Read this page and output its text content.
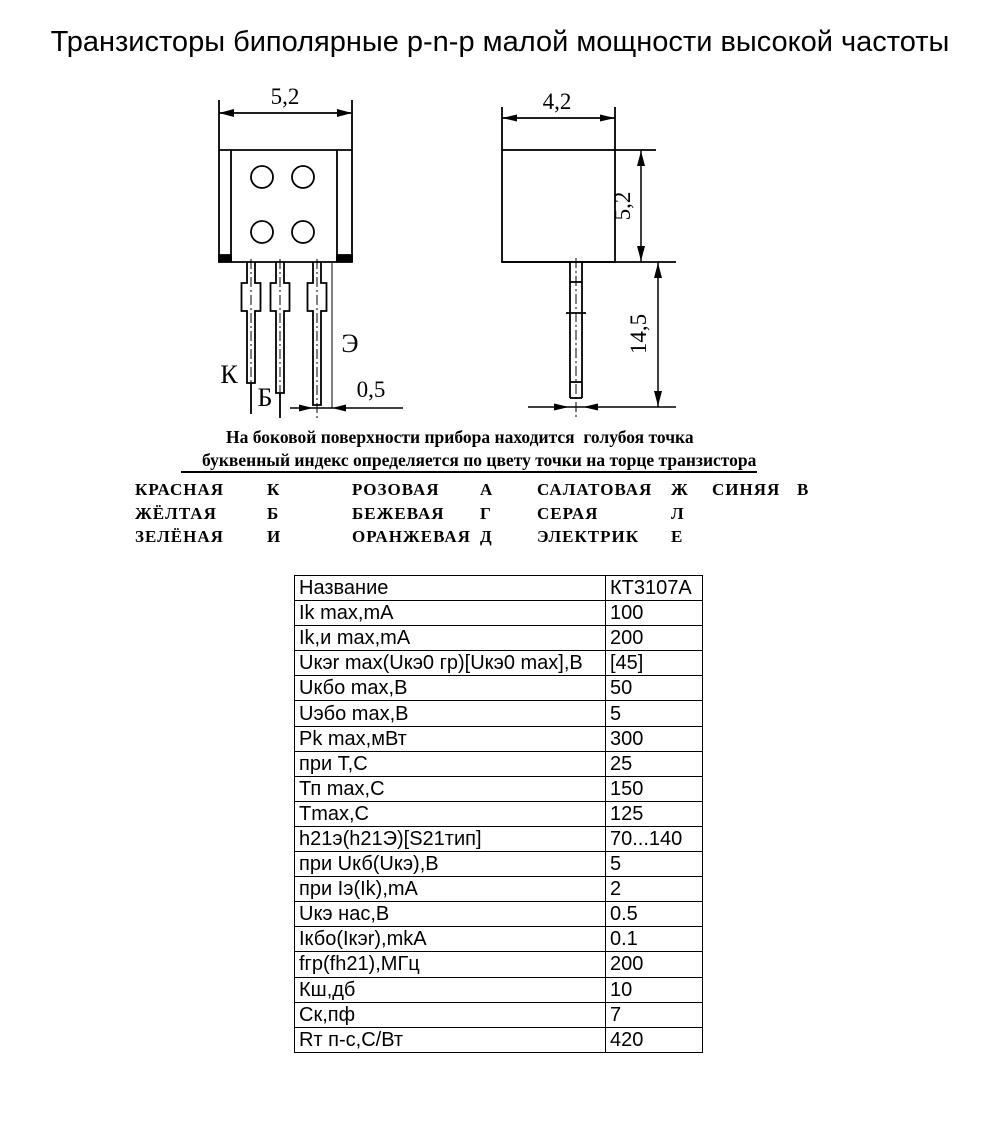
Транзисторы биполярные p-n-p малой мощности высокой частоты
5,2
К
Б
Э
0,5
4,2
5,2
14,5
На боковой поверхности прибора находится  голубоя точка
буквенный индекс определяется по цвету точки на торце транзистора
КРАСНАЯ	К	РОЗОВАЯ А	САЛАТОВАЯ Ж СИНЯЯ В
ЖЁЛТАЯ	Б	БЕЖЕВАЯ Г	СЕРАЯ	Л
ЗЕЛЁНАЯ	И	ОРАНЖЕВАЯ Д	ЭЛЕКТРИК Е
Название	КТ3107А
Ik max,mA	100
Ik,и max,mA	200
Uкэr max(Uкэ0 гр)[Uкэ0 max],В	[45]
Uкбо max,В	50
Uэбо max,В	5
Pk max,мВт	300
при Т,С	25
Тп max,С	150
Tmax,C	125
h21э(h21Э)[S21тип]	70...140
при Uкб(Uкэ),В	5
при Iэ(Ik),mA	2
Uкэ нас,В	0.5
Iкбо(Iкэr),mkA	0.1
fгр(fh21),МГц	200
Кш,дб	10
Ск,пф	7
Rт п-с,С/Вт	420
